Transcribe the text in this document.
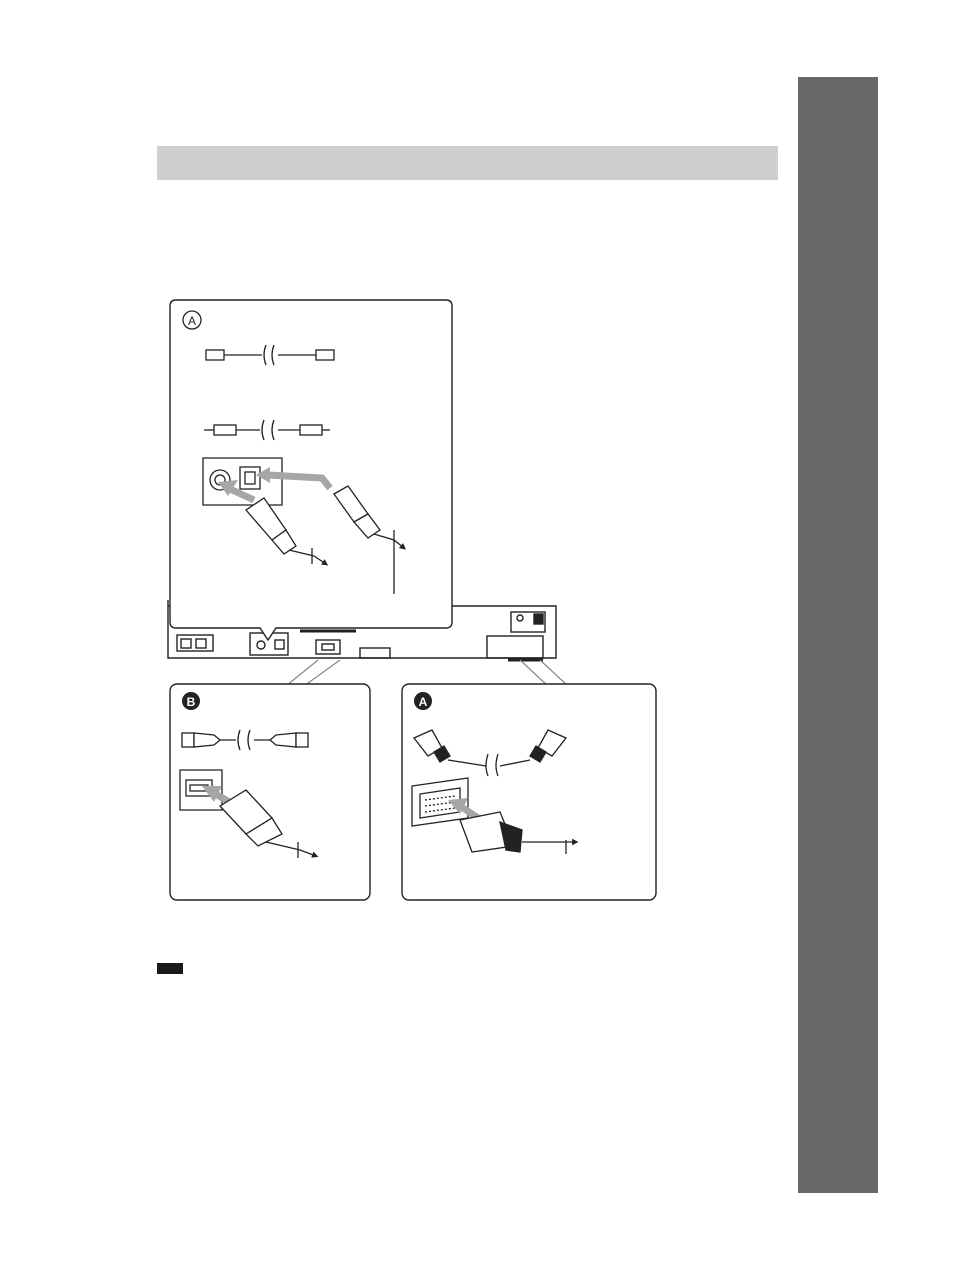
A
B	A
